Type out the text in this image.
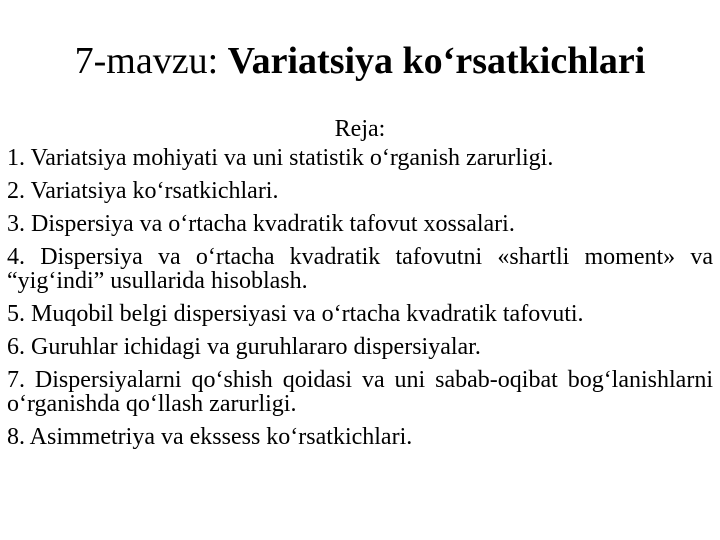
7-mavzu: Variatsiya ko‘rsatkichlari
Reja:
1. Variatsiya mohiyati va uni statistik o‘rganish zarurligi.
2. Variatsiya ko‘rsatkichlari.
3. Dispersiya va o‘rtacha kvadratik tafovut xossalari.
4. Dispersiya va o‘rtacha kvadratik tafovutni «shartli moment» va “yig‘indi” usullarida hisoblash.
5. Muqobil belgi dispersiyasi va o‘rtacha kvadratik tafovuti.
6. Guruhlar ichidagi va guruhlararo dispersiyalar.
7. Dispersiyalarni qo‘shish qoidasi va uni sabab-oqibat bog‘lanishlarni o‘rganishda qo‘llash zarurligi.
8. Asimmetriya va ekssess ko‘rsatkichlari.
